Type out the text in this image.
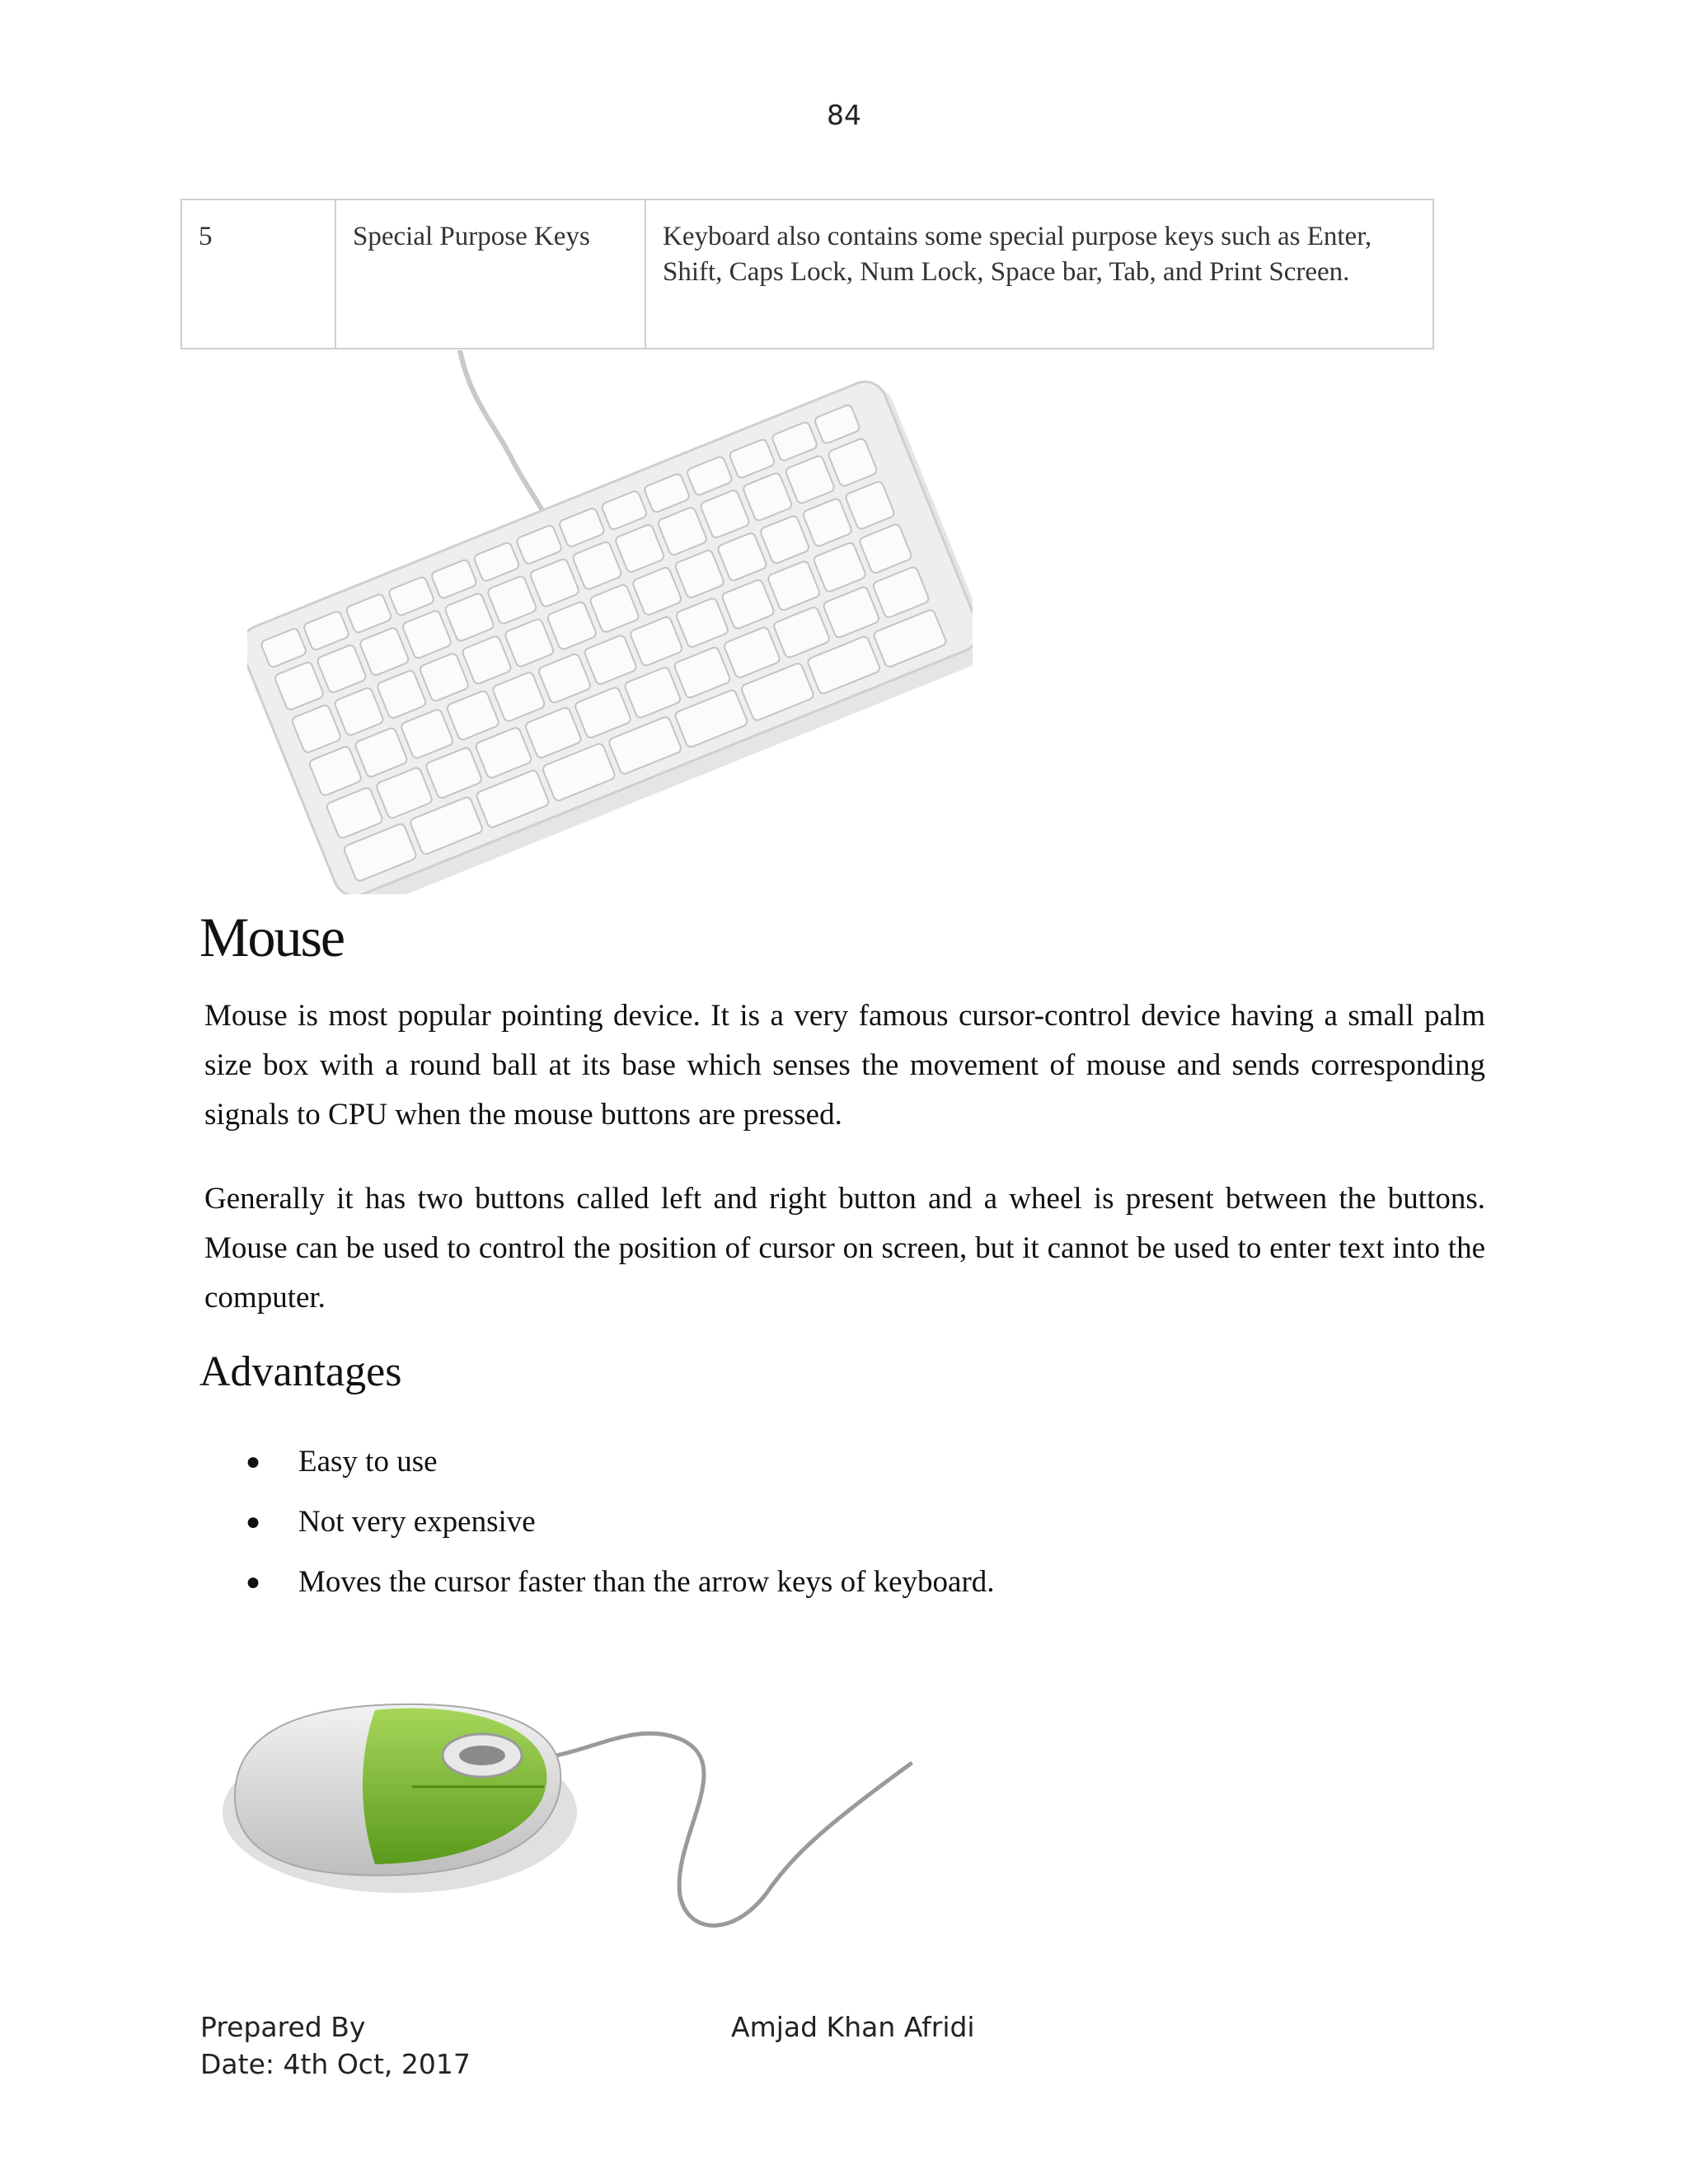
84
5	Special Purpose Keys	Keyboard also contains some special purpose keys such as Enter, Shift, Caps Lock, Num Lock, Space bar, Tab, and Print Screen.
Mouse

Mouse is most popular pointing device. It is a very famous cursor-control device having a small palm size box with a round ball at its base which senses the movement of mouse and sends corresponding signals to CPU when the mouse buttons are pressed.

Generally it has two buttons called left and right button and a wheel is present between the buttons. Mouse can be used to control the position of cursor on screen, but it cannot be used to enter text into the computer.

Advantages
● Easy to use
● Not very expensive
● Moves the cursor faster than the arrow keys of keyboard.
Prepared By
Date: 4th Oct, 2017
Amjad Khan Afridi
